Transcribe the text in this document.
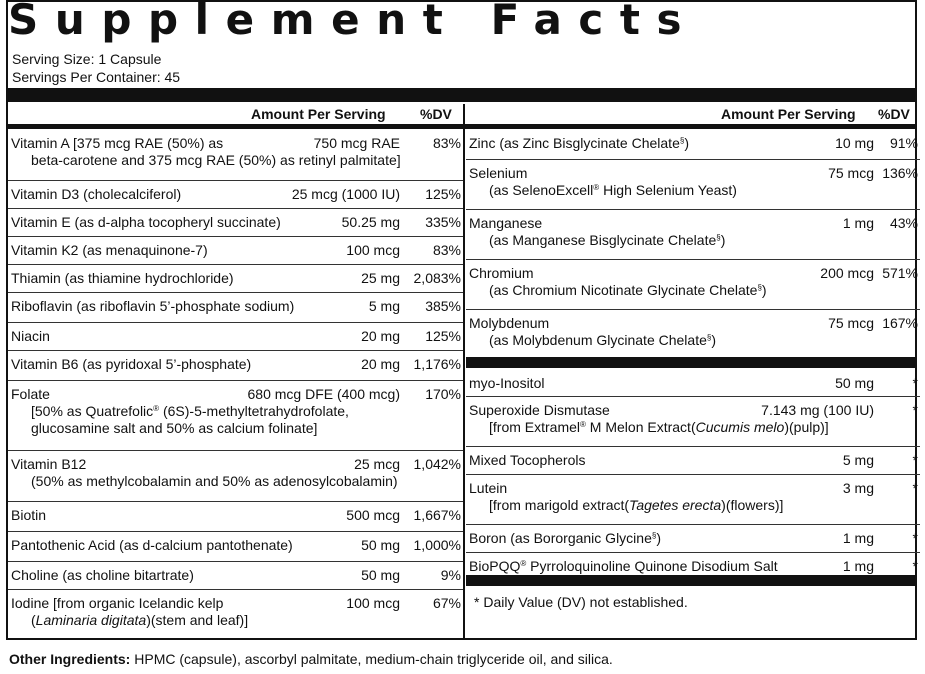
Supplement Facts
Serving Size: 1 Capsule
Servings Per Container: 45
Amount Per Serving %DV	Amount Per Serving %DV
Vitamin A [375 mcg RAE (50%) as	750 mcg RAE 83%
beta-carotene and 375 mcg RAE (50%) as retinyl palmitate]
Vitamin D3 (cholecalciferol)	25 mcg (1000 IU) 125%
Vitamin E (as d-alpha tocopheryl succinate)	50.25 mg 335%
Vitamin K2 (as menaquinone-7)	100 mcg 83%
Thiamin (as thiamine hydrochloride)	25 mg 2,083%
Riboflavin (as riboflavin 5’-phosphate sodium)	5 mg 385%
Niacin	20 mg 125%
Vitamin B6 (as pyridoxal 5’-phosphate)	20 mg 1,176%
Folate	680 mcg DFE (400 mcg) 170%
[50% as Quatrefolic® (6S)-5-methyltetrahydrofolate,
glucosamine salt and 50% as calcium folinate]
Vitamin B12	25 mcg 1,042%
(50% as methylcobalamin and 50% as adenosylcobalamin)
Biotin	500 mcg 1,667%
Pantothenic Acid (as d-calcium pantothenate)	50 mg 1,000%
Choline (as choline bitartrate)	50 mg	9%
Iodine [from organic Icelandic kelp	100 mcg 67%
(Laminaria digitata)(stem and leaf)]
Zinc (as Zinc Bisglycinate Chelate§)	10 mg 91%
Selenium	75 mcg 136%
(as SelenoExcell® High Selenium Yeast)
Manganese	1 mg 43%
(as Manganese Bisglycinate Chelate§)
Chromium	200 mcg 571%
(as Chromium Nicotinate Glycinate Chelate§)
Molybdenum	75 mcg 167%
(as Molybdenum Glycinate Chelate§)
myo-Inositol	50 mg	*
Superoxide Dismutase	7.143 mg (100 IU)	*
[from Extramel® M Melon Extract(Cucumis melo)(pulp)]
Mixed Tocopherols	5 mg	*
Lutein	3 mg	*
[from marigold extract(Tagetes erecta)(flowers)]
Boron (as Bororganic Glycine§)	1 mg	*
BioPQQ® Pyrroloquinoline Quinone Disodium Salt	1 mg	*
* Daily Value (DV) not established.
Other Ingredients: HPMC (capsule), ascorbyl palmitate, medium-chain triglyceride oil, and silica.
